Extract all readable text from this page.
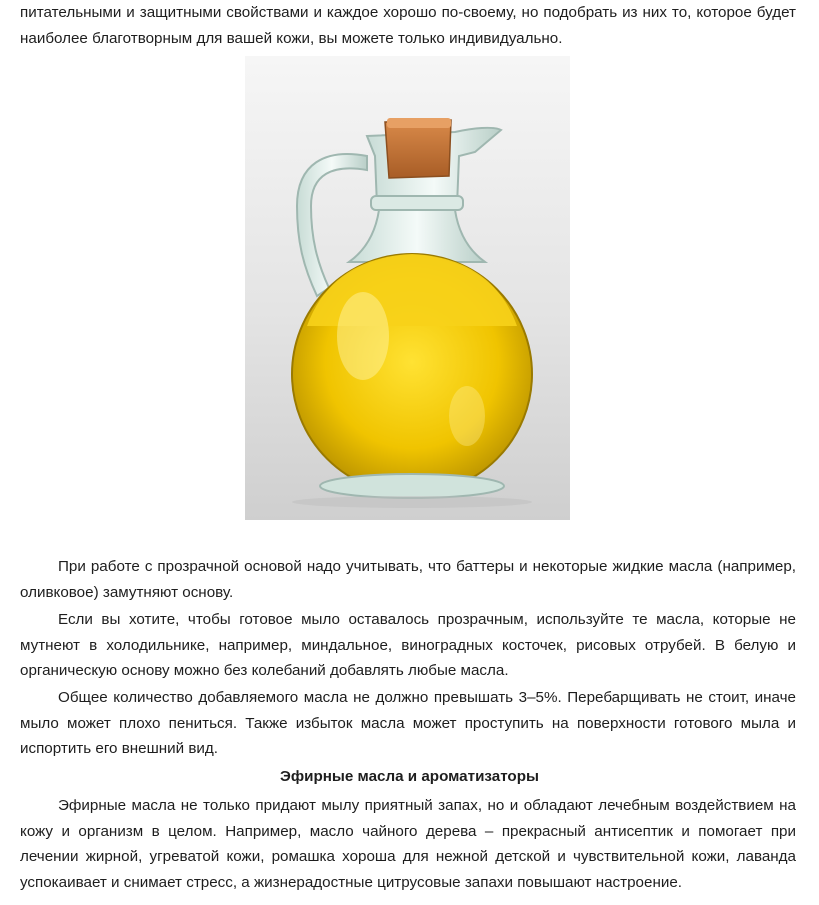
питательными и защитными свойствами и каждое хорошо по-своему, но подобрать из них то, которое будет наиболее благотворным для вашей кожи, вы можете только индивидуально.

При работе с прозрачной основой надо учитывать, что баттеры и некоторые жидкие масла (например, оливковое) замутняют основу.

Если вы хотите, чтобы готовое мыло оставалось прозрачным, используйте те масла, которые не мутнеют в холодильнике, например, миндальное, виноградных косточек, рисовых отрубей. В белую и органическую основу можно без колебаний добавлять любые масла.

Общее количество добавляемого масла не должно превышать 3–5%. Перебарщивать не стоит, иначе мыло может плохо пениться. Также избыток масла может проступить на поверхности готового мыла и испортить его внешний вид.

Эфирные масла и ароматизаторы

Эфирные масла не только придают мылу приятный запах, но и обладают лечебным воздействием на кожу и организм в целом. Например, масло чайного дерева – прекрасный антисептик и помогает при лечении жирной, угреватой кожи, ромашка хороша для нежной детской и чувствительной кожи, лаванда успокаивает и снимает стресс, а жизнерадостные цитрусовые запахи повышают настроение.
